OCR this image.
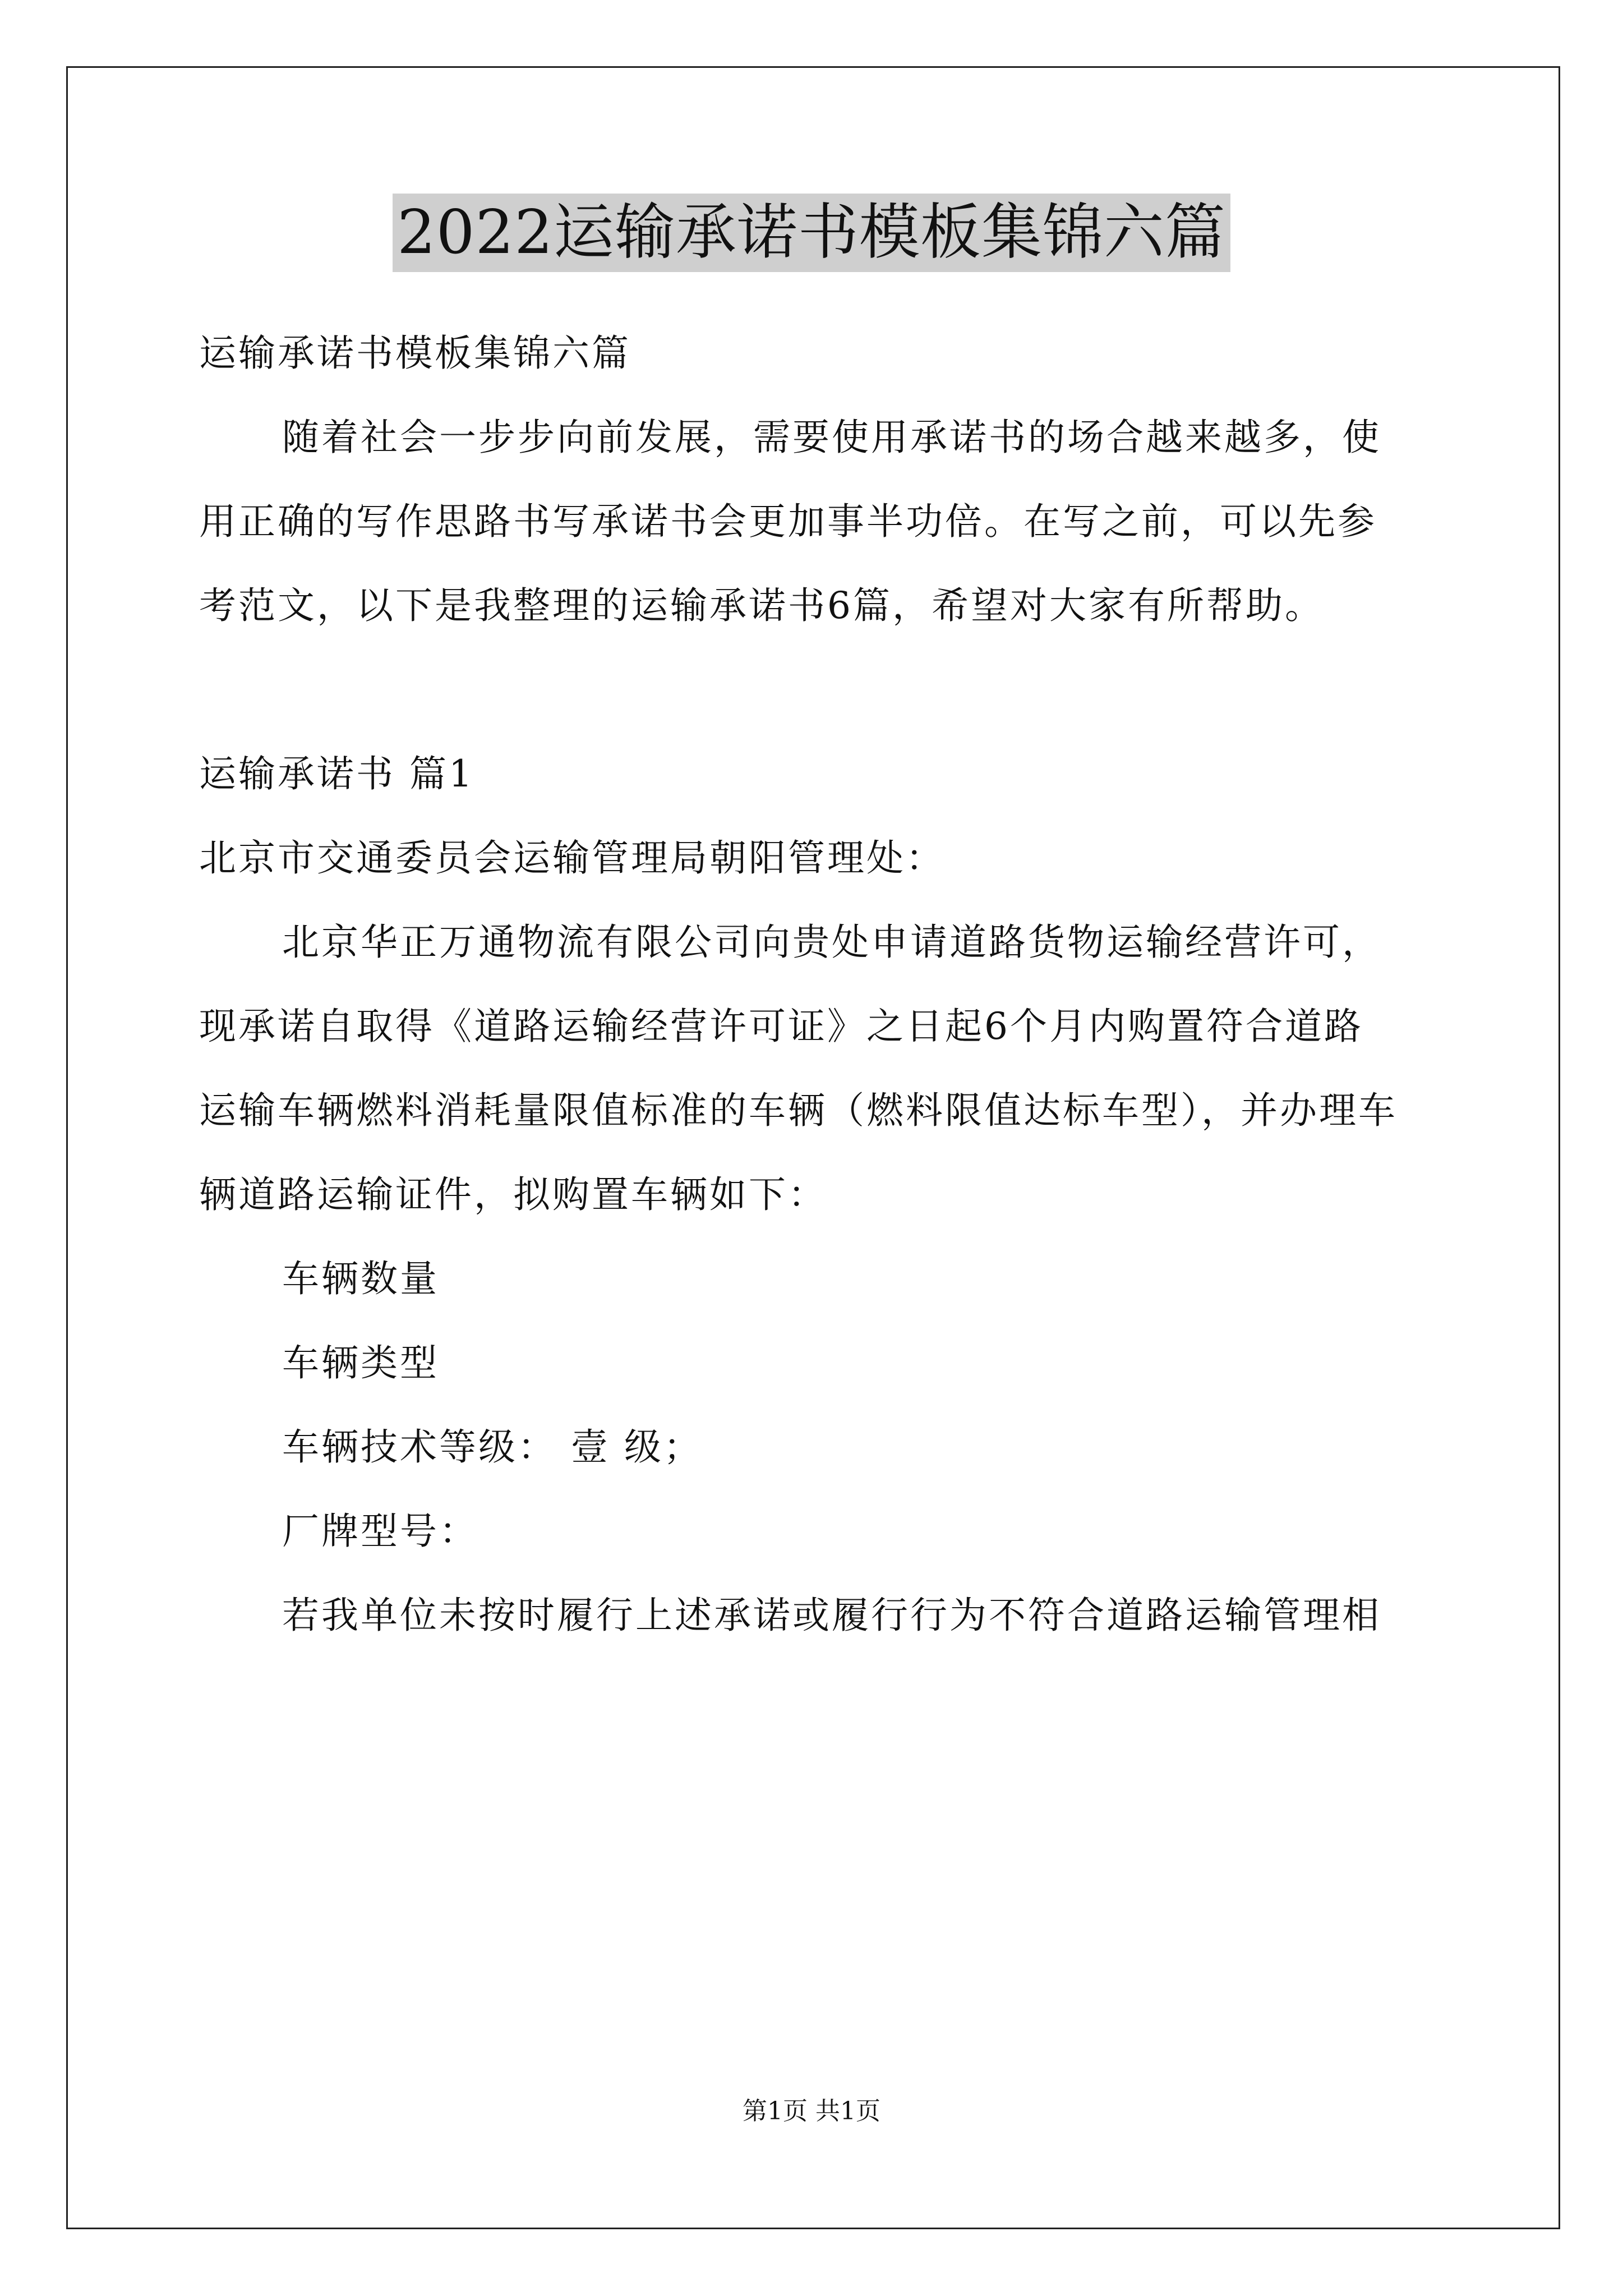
2022运输承诺书模板集锦六篇

运输承诺书模板集锦六篇

随着社会一步步向前发展，需要使用承诺书的场合越来越多，使

用正确的写作思路书写承诺书会更加事半功倍。在写之前，可以先参

考范文，以下是我整理的运输承诺书6篇，希望对大家有所帮助。

运输承诺书 篇1

北京市交通委员会运输管理局朝阳管理处：

北京华正万通物流有限公司向贵处申请道路货物运输经营许可，

现承诺自取得《道路运输经营许可证》之日起6个月内购置符合道路

运输车辆燃料消耗量限值标准的车辆（燃料限值达标车型），并办理车

辆道路运输证件，拟购置车辆如下：

车辆数量

车辆类型

车辆技术等级： 壹 级；

厂牌型号：

若我单位未按时履行上述承诺或履行行为不符合道路运输管理相

第1页 共1页
